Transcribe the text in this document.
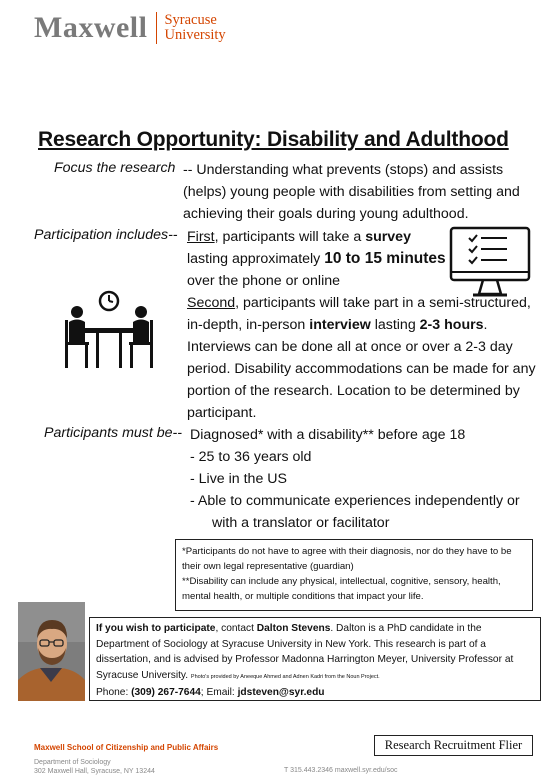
Maxwell Syracuse
University
Research Opportunity: Disability and Adulthood
Focus the research -- Understanding what prevents (stops) and assists (helps) young people with disabilities from setting and achieving their goals during young adulthood.
Participation includes-- First, participants will take a survey lasting approximately 10 to 15 minutes over the phone or online
Second, participants will take part in a semi-structured, in-depth, in-person interview lasting 2-3 hours. Interviews can be done all at once or over a 2-3 day period. Disability accommodations can be made for any portion of the research. Location to be determined by participant.
Participants must be-- Diagnosed* with a disability** before age 18
- 25 to 36 years old
- Live in the US
- Able to communicate experiences independently or
with a translator or facilitator
*Participants do not have to agree with their diagnosis, nor do they have to be their own legal representative (guardian)
**Disability can include any physical, intellectual, cognitive, sensory, health, mental health, or multiple conditions that impact your life.
If you wish to participate, contact Dalton Stevens. Dalton is a PhD candidate in the Department of Sociology at Syracuse University in New York. This research is part of a dissertation, and is advised by Professor Madonna Harrington Meyer, University Professor at Syracuse University. Photo's provided by Aneeque Ahmed and Adnen Kadri from the Noun Project.
Phone: (309) 267-7644; Email: jdsteven@syr.edu
Maxwell School of Citizenship and Public Affairs
Department of Sociology
302 Maxwell Hall, Syracuse, NY 13244	T 315.443.2346 maxwell.syr.edu/soc
Research Recruitment Flier
